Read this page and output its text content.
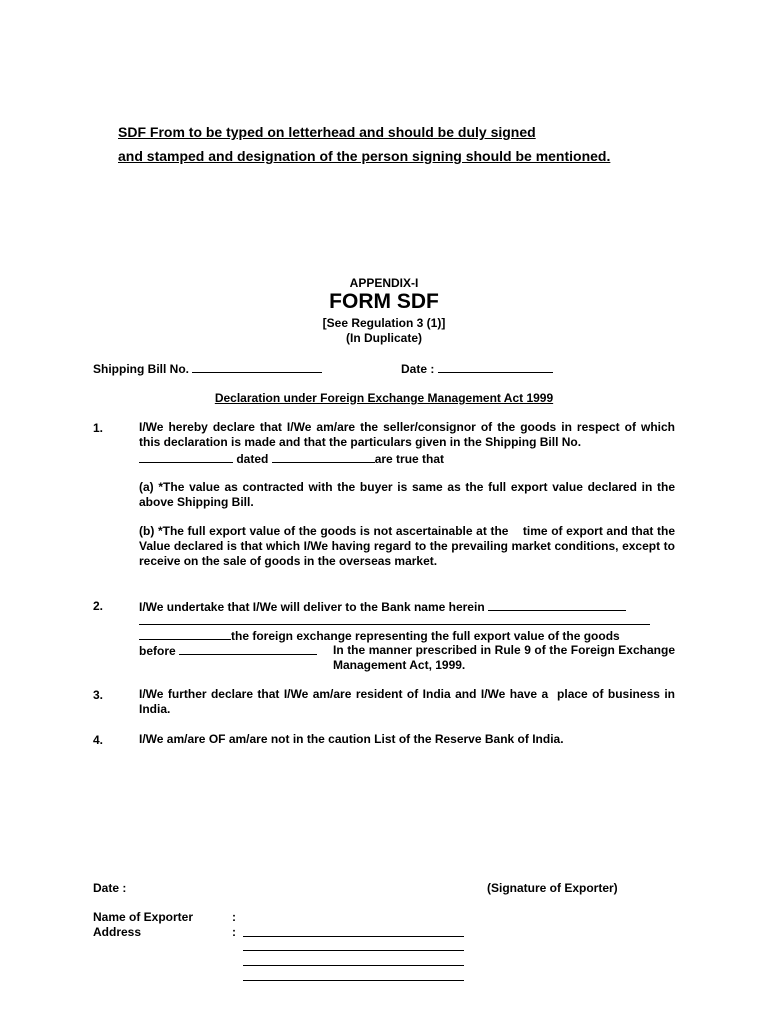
SDF From to be typed on letterhead and should be duly signed
and stamped and designation of the person signing should be mentioned.
APPENDIX-I
FORM SDF
[See Regulation 3 (1)]
(In Duplicate)
Shipping Bill No.	Date :
Declaration under Foreign Exchange Management Act 1999
1.	I/We hereby declare that I/We am/are the seller/consignor of the goods in respect of which this declaration is made and that the particulars given in the Shipping Bill No.
dated	are true that
(a) *The value as contracted with the buyer is same as the full export value declared in the above Shipping Bill.
(b) *The full export value of the goods is not ascertainable at the    time of export and that the Value declared is that which I/We having regard to the prevailing market conditions, except to receive on the sale of goods in the overseas market.
2.	I/We undertake that I/We will deliver to the Bank name herein
the foreign exchange representing the full export value of the goods
before	In the manner prescribed in Rule 9 of the Foreign Exchange Management Act, 1999.
3.	I/We further declare that I/We am/are resident of India and I/We have a  place of business in India.
4.	I/We am/are OF am/are not in the caution List of the Reserve Bank of India.
Date :	(Signature of Exporter)
Name of Exporter	:
Address	:
